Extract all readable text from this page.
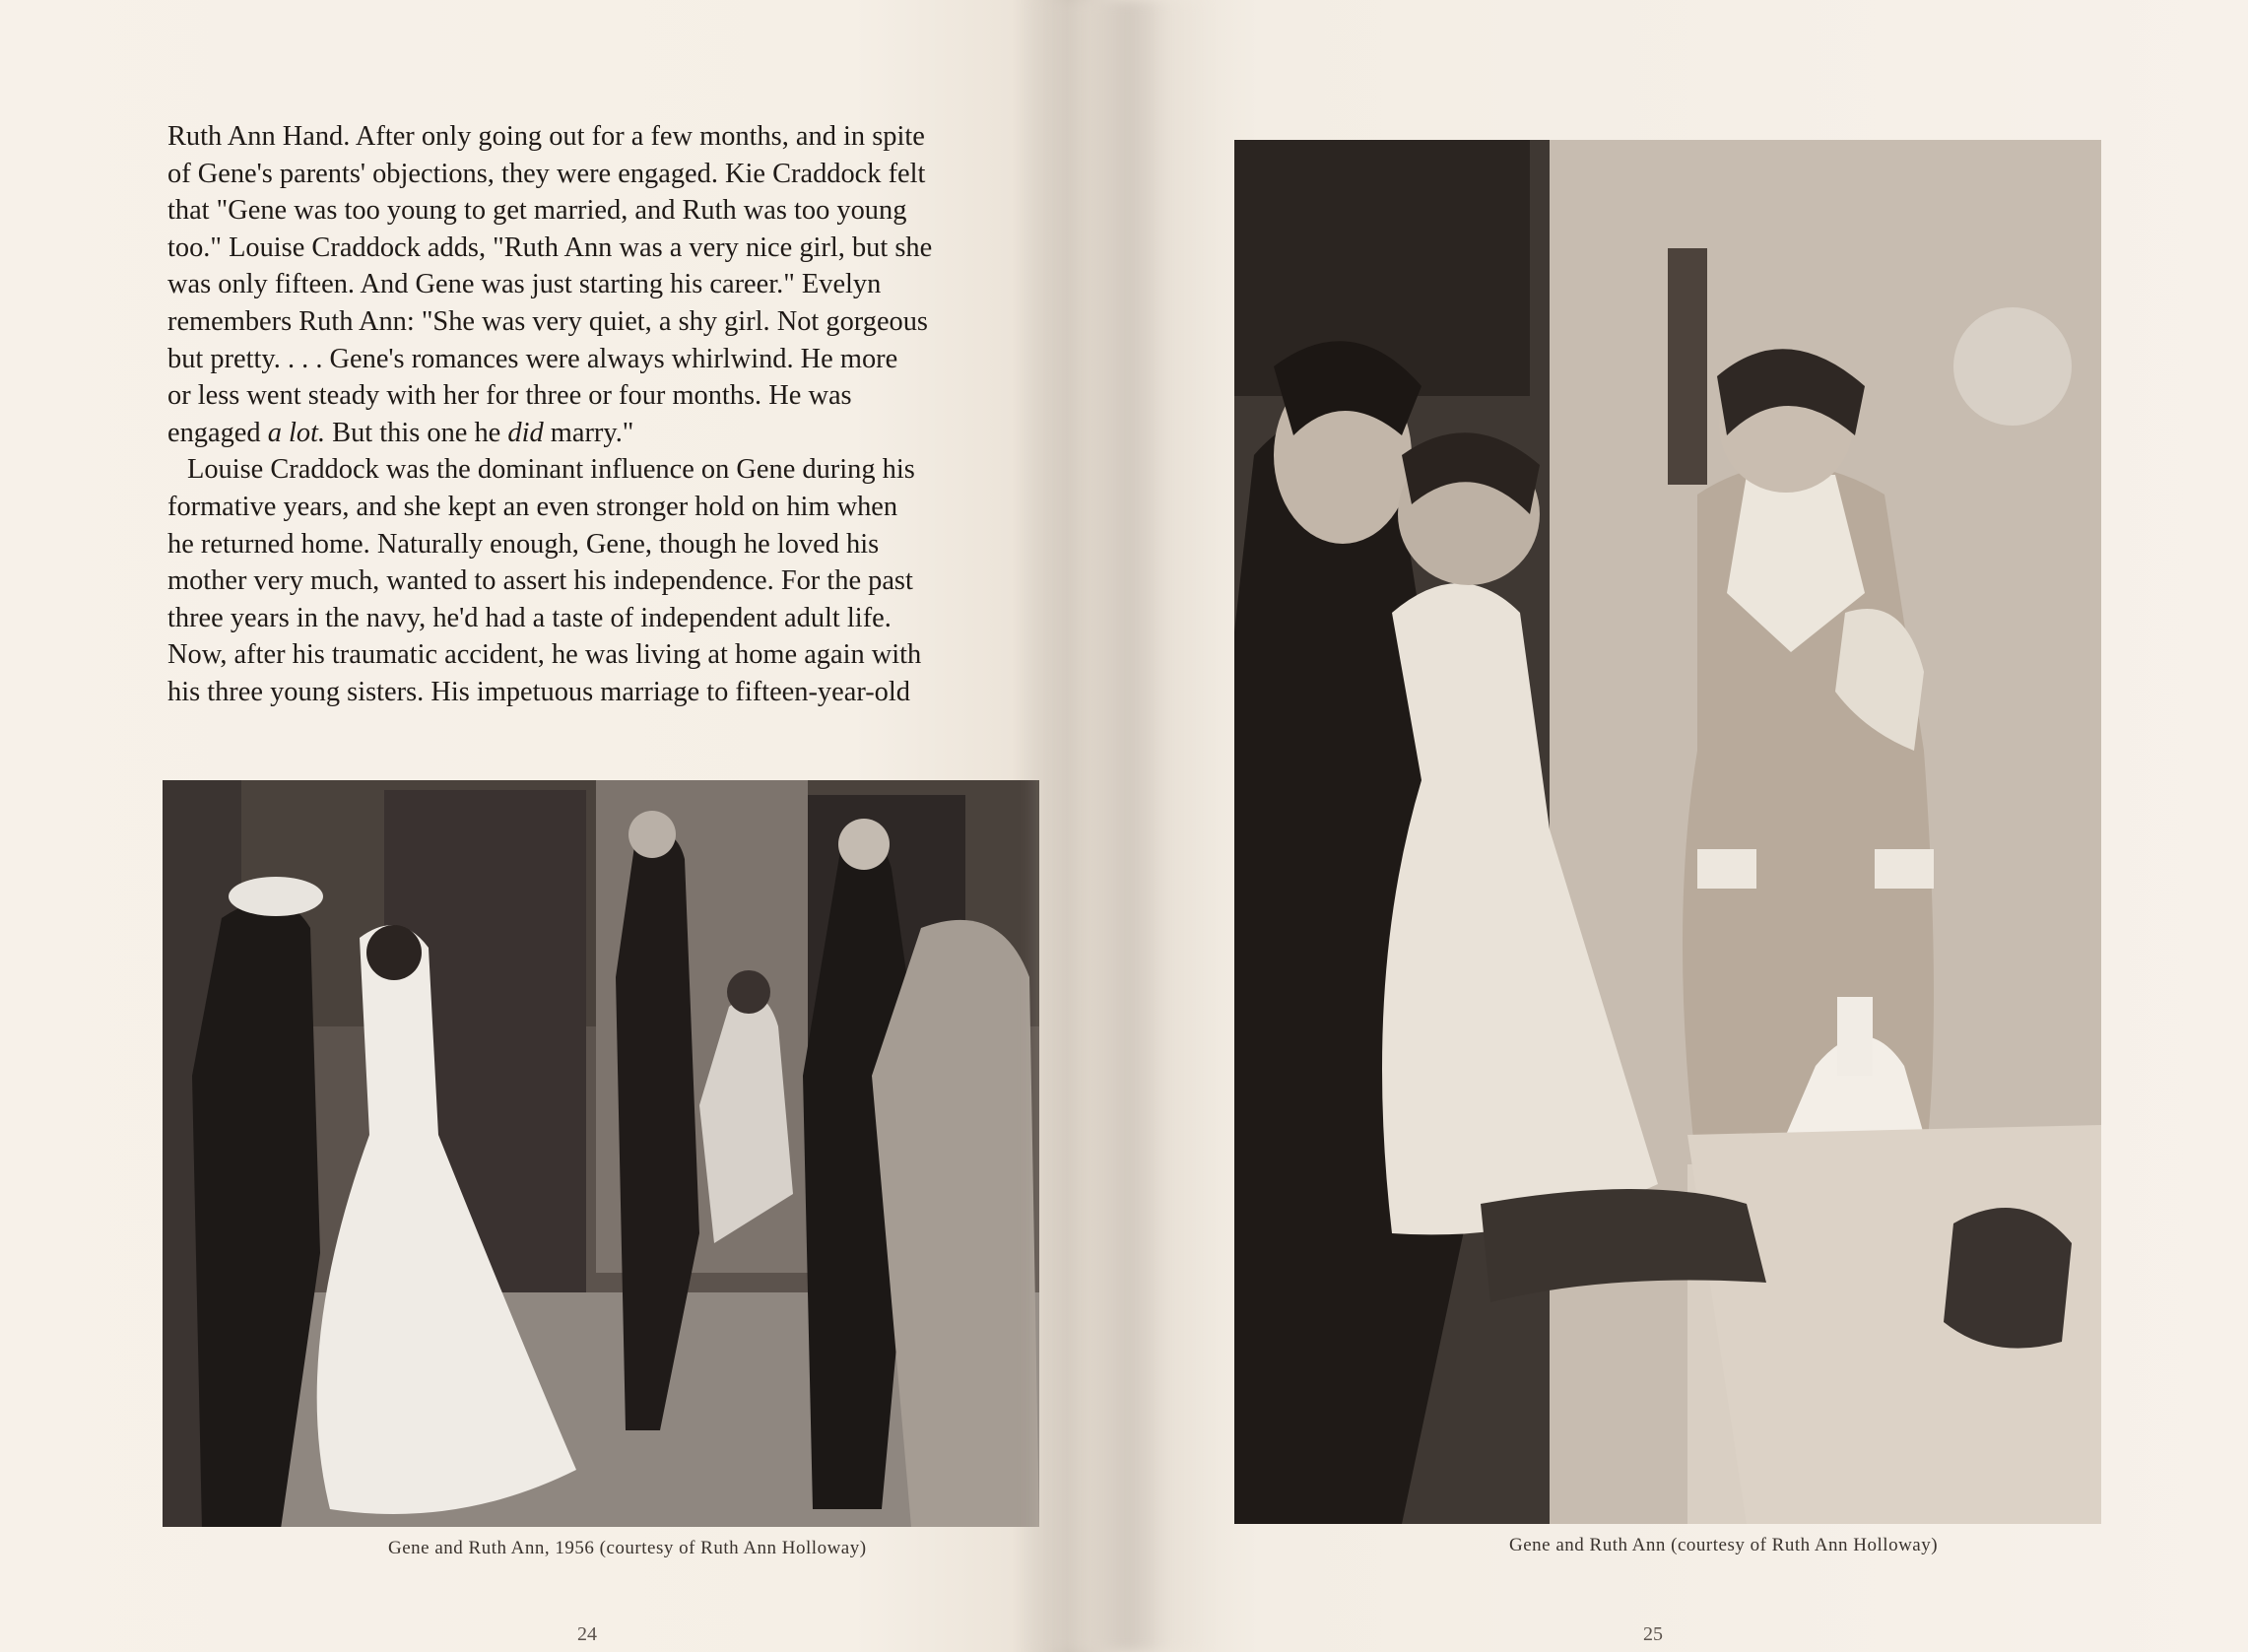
Ruth Ann Hand. After only going out for a few months, and in spite
of Gene's parents' objections, they were engaged. Kie Craddock felt
that "Gene was too young to get married, and Ruth was too young
too." Louise Craddock adds, "Ruth Ann was a very nice girl, but she
was only fifteen. And Gene was just starting his career." Evelyn
remembers Ruth Ann: "She was very quiet, a shy girl. Not gorgeous
but pretty. . . . Gene's romances were always whirlwind. He more
or less went steady with her for three or four months. He was
engaged a lot. But this one he did marry."
Louise Craddock was the dominant influence on Gene during his
formative years, and she kept an even stronger hold on him when
he returned home. Naturally enough, Gene, though he loved his
mother very much, wanted to assert his independence. For the past
three years in the navy, he'd had a taste of independent adult life.
Now, after his traumatic accident, he was living at home again with
his three young sisters. His impetuous marriage to fifteen-year-old
Gene and Ruth Ann, 1956 (courtesy of Ruth Ann Holloway)
24
Gene and Ruth Ann (courtesy of Ruth Ann Holloway)
25
